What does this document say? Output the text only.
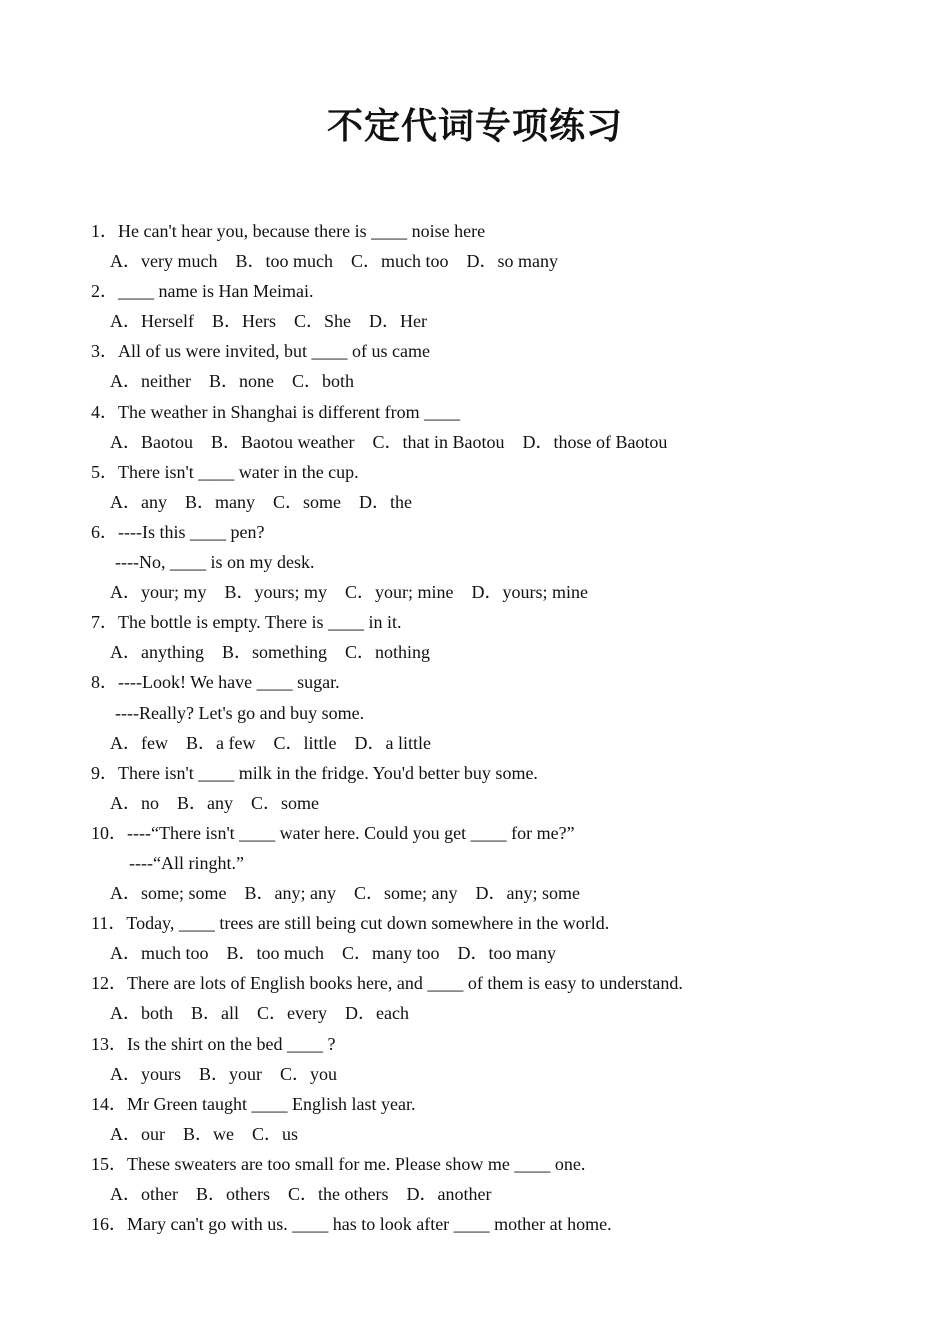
不定代词专项练习
1．He can't hear you, because there is ____ noise here
A．very much　B．too much　C．much too　D．so many
2．____ name is Han Meimai.
A．Herself　B．Hers　C．She　D．Her
3．All of us were invited, but ____ of us came
A．neither　B．none　C．both
4．The weather in Shanghai is different from ____
A．Baotou　B．Baotou weather　C．that in Baotou　D．those of Baotou
5．There isn't ____ water in the cup.
A．any　B．many　C．some　D．the
6．----Is this ____ pen?
----No, ____ is on my desk.
A．your; my　B．yours; my　C．your; mine　D．yours; mine
7．The bottle is empty. There is ____ in it.
A．anything　B．something　C．nothing
8．----Look! We have ____ sugar.
----Really? Let's go and buy some.
A．few　B．a few　C．little　D．a little
9．There isn't ____ milk in the fridge. You'd better buy some.
A．no　B．any　C．some
10．----“There isn't ____ water here. Could you get ____ for me?”
----“All ringht.”
A．some; some　B．any; any　C．some; any　D．any; some
11．Today, ____ trees are still being cut down somewhere in the world.
A．much too　B．too much　C．many too　D．too many
12．There are lots of English books here, and ____ of them is easy to understand.
A．both　B．all　C．every　D．each
13．Is the shirt on the bed ____ ?
A．yours　B．your　C．you
14．Mr Green taught ____ English last year.
A．our　B．we　C．us
15．These sweaters are too small for me. Please show me ____ one.
A．other　B．others　C．the others　D．another
16．Mary can't go with us. ____ has to look after ____ mother at home.
